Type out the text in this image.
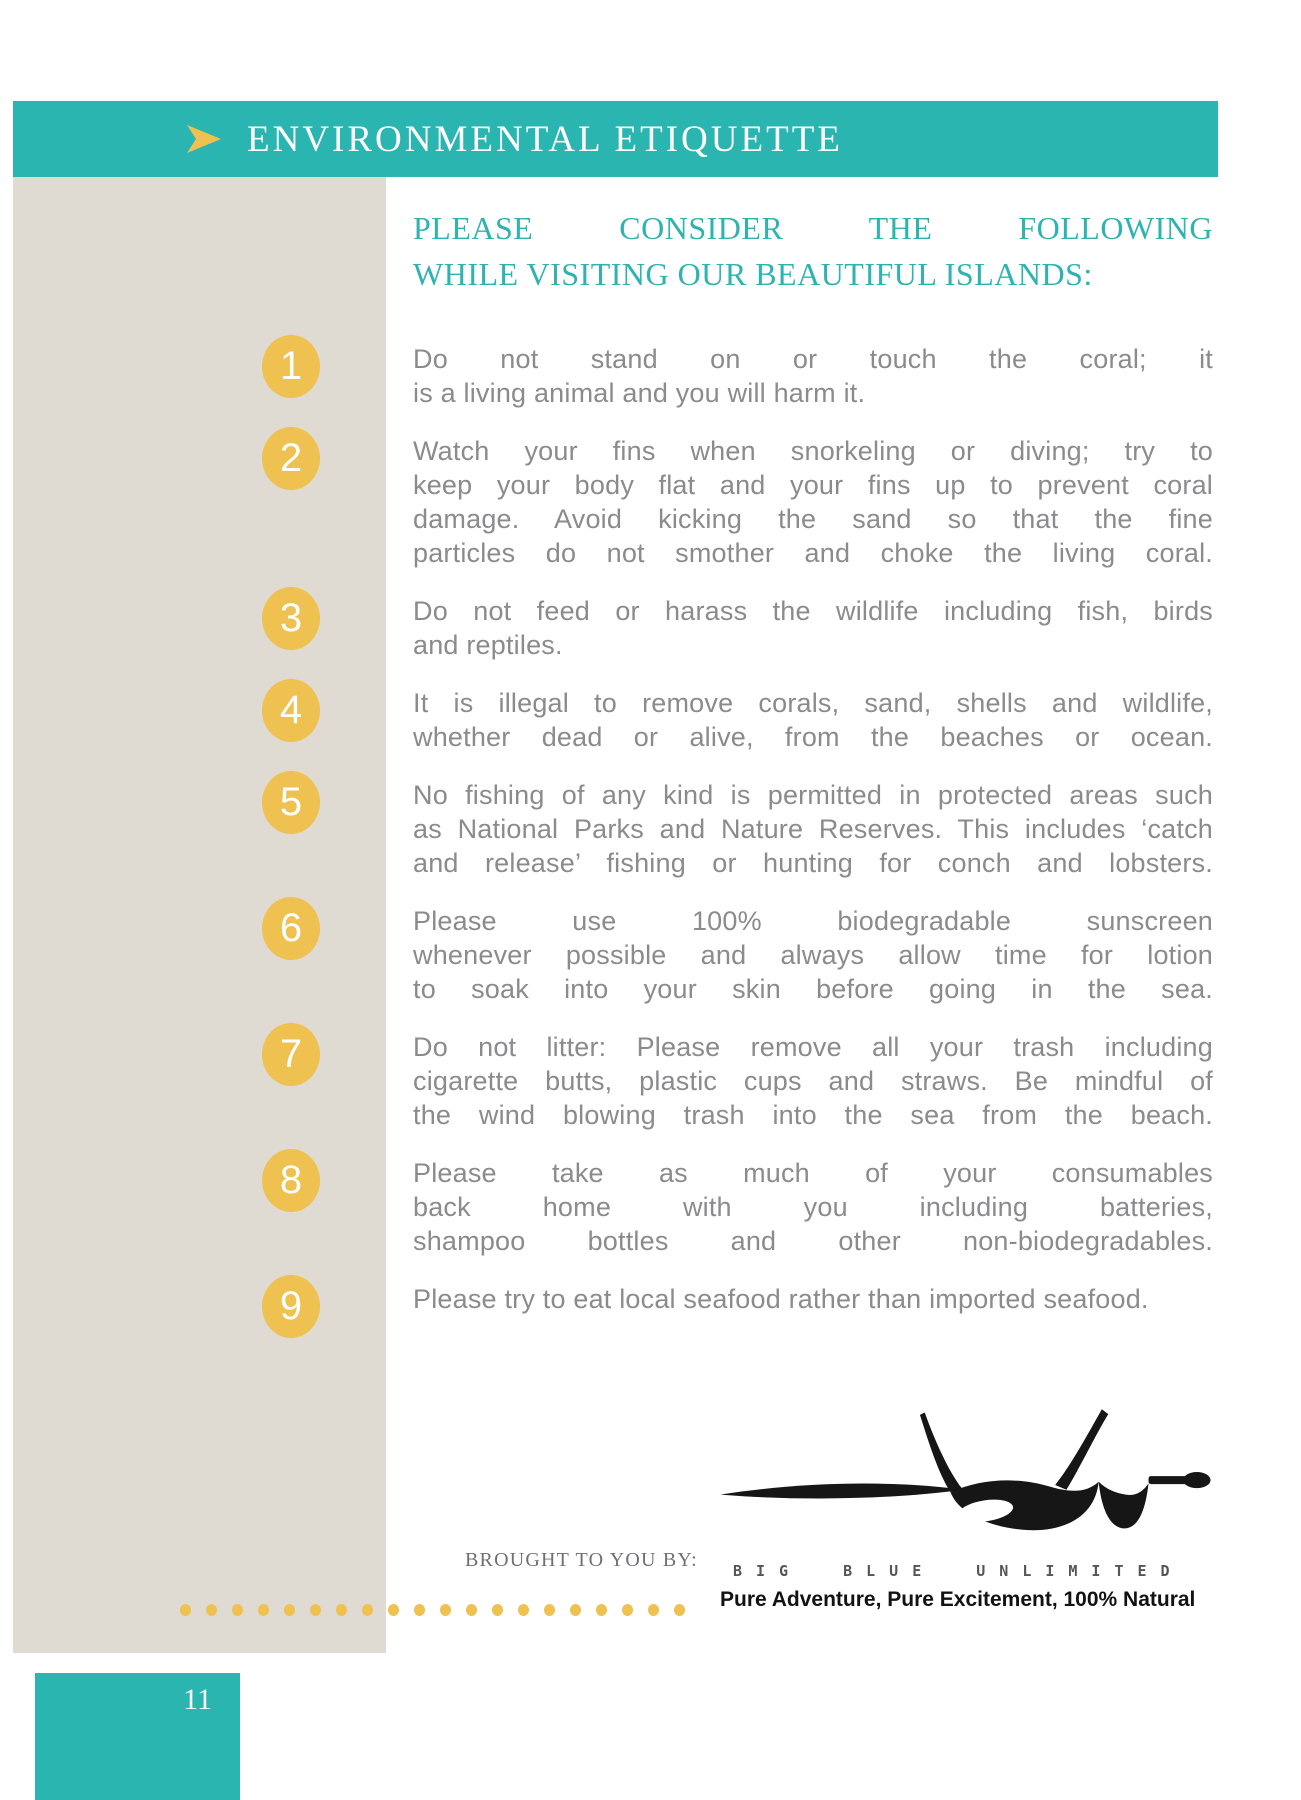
ENVIRONMENTAL ETIQUETTE
PLEASE CONSIDER THE FOLLOWING
WHILE VISITING OUR BEAUTIFUL ISLANDS:
1	Do not stand on or touch the coral; it
is a living animal and you will harm it.
2	Watch your fins when snorkeling or diving; try to
keep your body flat and your fins up to prevent coral
damage. Avoid kicking the sand so that the fine
particles do not smother and choke the living coral.
3	Do not feed or harass the wildlife including fish, birds
and reptiles.
4	It is illegal to remove corals, sand, shells and wildlife,
whether dead or alive, from the beaches or ocean.
5	No fishing of any kind is permitted in protected areas such
as National Parks and Nature Reserves. This includes ‘catch
and release’ fishing or hunting for conch and lobsters.
6	Please use 100% biodegradable sunscreen
whenever possible and always allow time for lotion
to soak into your skin before going in the sea.
7	Do not litter: Please remove all your trash including
cigarette butts, plastic cups and straws. Be mindful of
the wind blowing trash into the sea from the beach.
8	Please take as much of your consumables
back home with you including batteries,
shampoo bottles and other non-biodegradables.
9	Please try to eat local seafood rather than imported seafood.
BROUGHT TO YOU BY:	BIG BLUE UNLIMITED
Pure Adventure, Pure Excitement, 100% Natural
11
